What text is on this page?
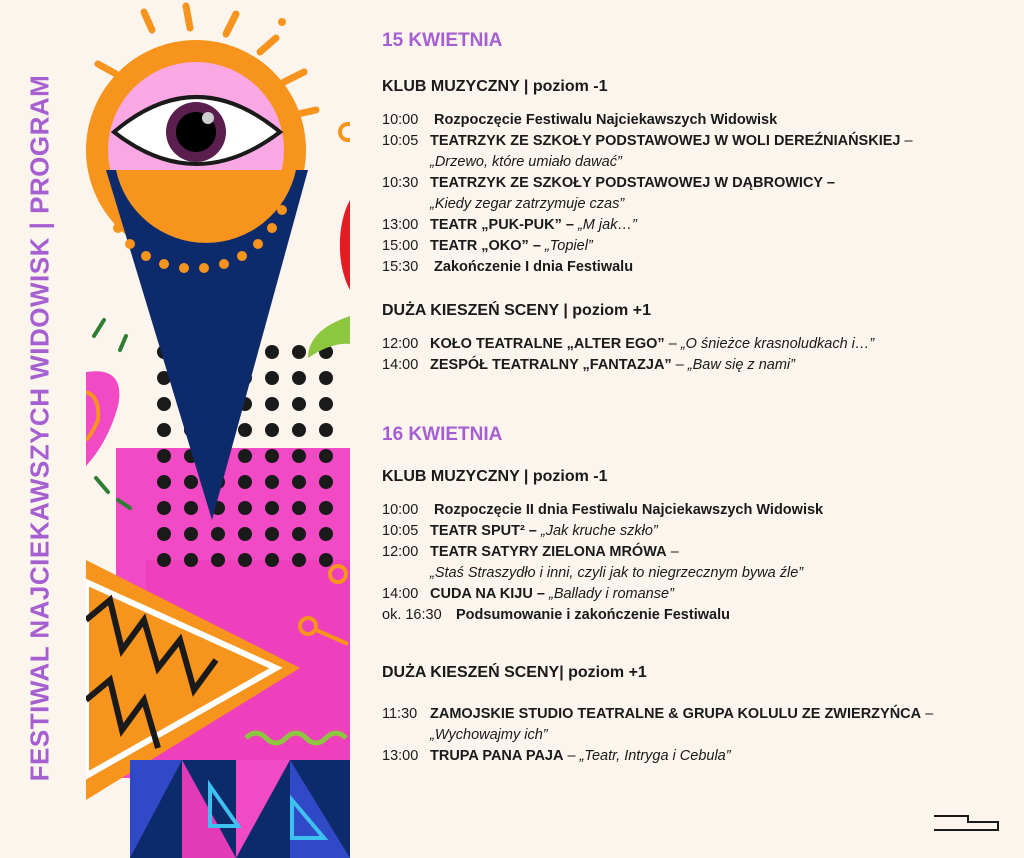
FESTIWAL NAJCIEKAWSZYCH WIDOWISK | PROGRAM
15 KWIETNIA
KLUB MUZYCZNY | poziom -1
10:00 Rozpoczęcie Festiwalu Najciekawszych Widowisk
10:05 TEATRZYK ZE SZKOŁY PODSTAWOWEJ W WOLI DEREŹNIAŃSKIEJ –
„Drzewo, które umiało dawać”
10:30 TEATRZYK ZE SZKOŁY PODSTAWOWEJ W DĄBROWICY –
„Kiedy zegar zatrzymuje czas”
13:00 TEATR „PUK-PUK” – „M jak…”
15:00 TEATR „OKO” – „Topiel”
15:30 Zakończenie I dnia Festiwalu
DUŻA KIESZEŃ SCENY | poziom +1
12:00 KOŁO TEATRALNE „ALTER EGO” – „O śnieżce krasnoludkach i…”
14:00 ZESPÓŁ TEATRALNY „FANTAZJA” – „Baw się z nami”
16 KWIETNIA
KLUB MUZYCZNY | poziom -1
10:00 Rozpoczęcie II dnia Festiwalu Najciekawszych Widowisk
10:05 TEATR SPUT² – „Jak kruche szkło”
12:00 TEATR SATYRY ZIELONA MRÓWA –
„Staś Straszydło i inni, czyli jak to niegrzecznym bywa źle”
14:00 CUDA NA KIJU – „Ballady i romanse”
ok. 16:30 Podsumowanie i zakończenie Festiwalu
DUŻA KIESZEŃ SCENY| poziom +1
11:30 ZAMOJSKIE STUDIO TEATRALNE & GRUPA KOLULU ZE ZWIERZYŃCA –
„Wychowajmy ich”
13:00 TRUPA PANA PAJA – „Teatr, Intryga i Cebula”
